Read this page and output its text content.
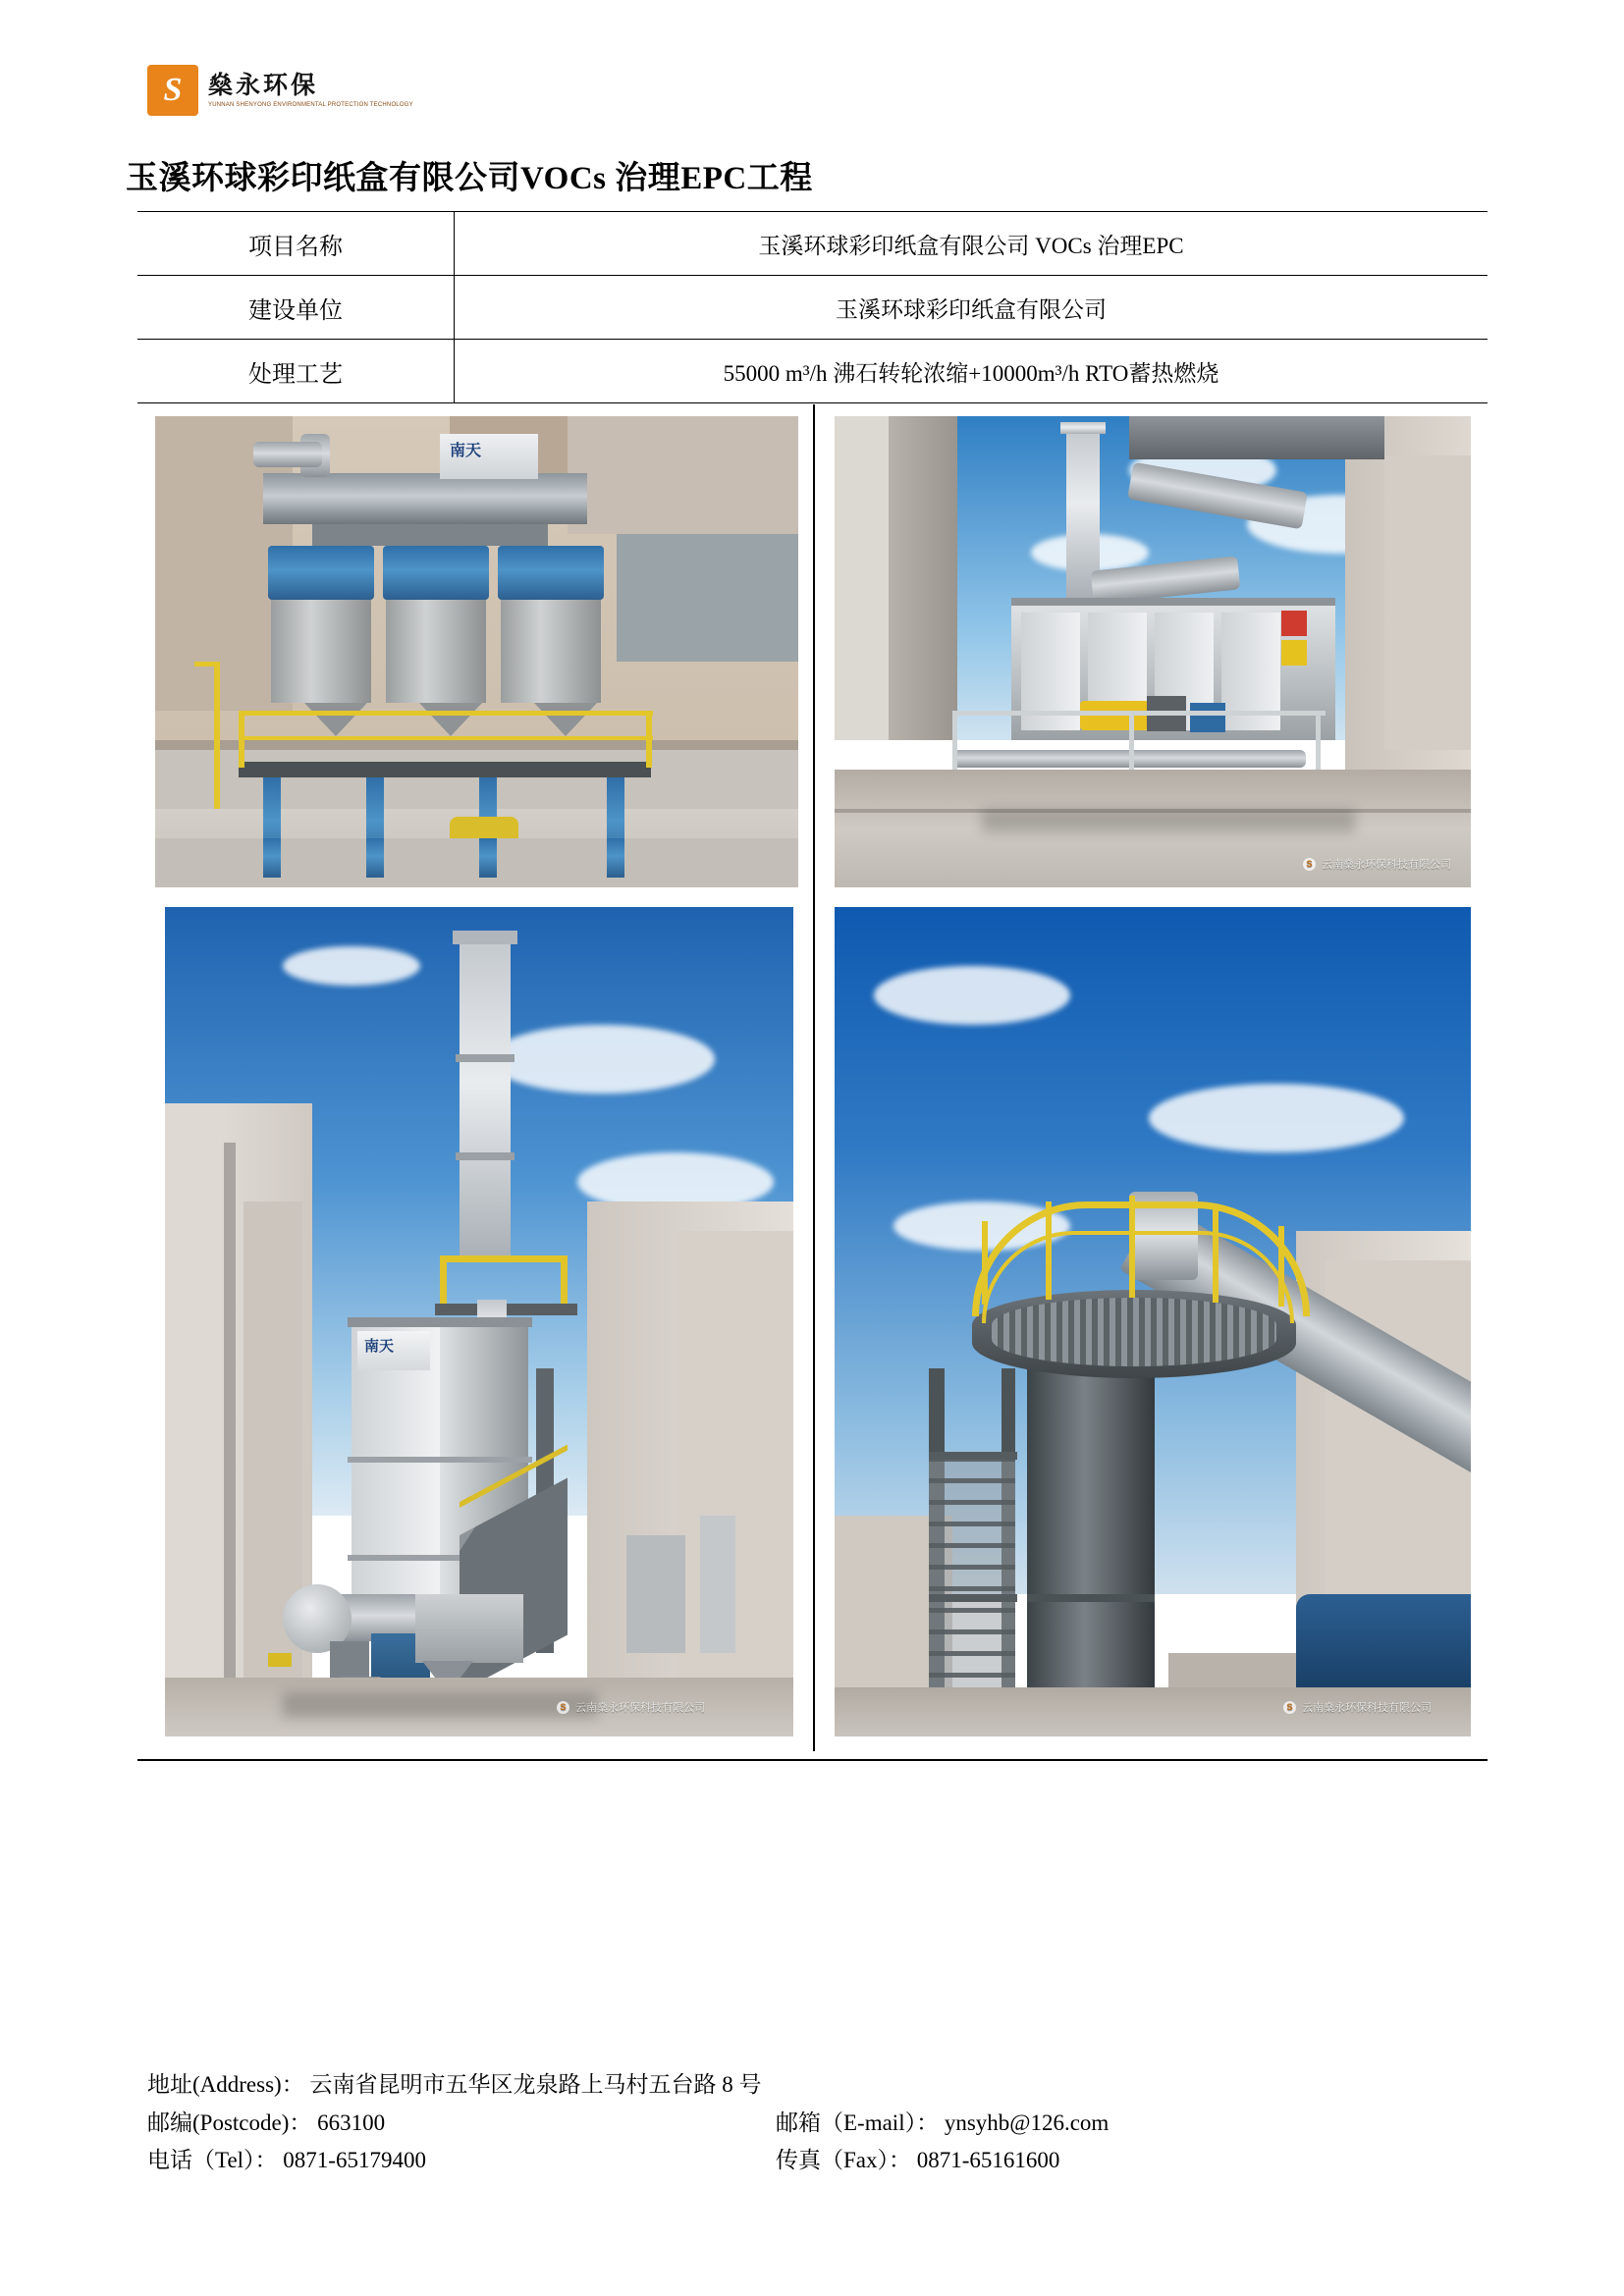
S	燊永环保
YUNNAN SHENYONG ENVIRONMENTAL PROTECTION TECHNOLOGY
玉溪环球彩印纸盒有限公司VOCs 治理EPC工程
项目名称	玉溪环球彩印纸盒有限公司 VOCs 治理EPC
建设单位	玉溪环球彩印纸盒有限公司
处理工艺	55000 m³/h 沸石转轮浓缩+10000m³/h RTO蓄热燃烧
南天
S 云南燊永环保科技有限公司
南天
S 云南燊永环保科技有限公司	S 云南燊永环保科技有限公司
地址(Address)： 云南省昆明市五华区龙泉路上马村五台路 8 号
邮编(Postcode)： 663100	邮箱（E-mail）： ynsyhb@126.com
电话（Tel）： 0871-65179400	传真（Fax）： 0871-65161600
